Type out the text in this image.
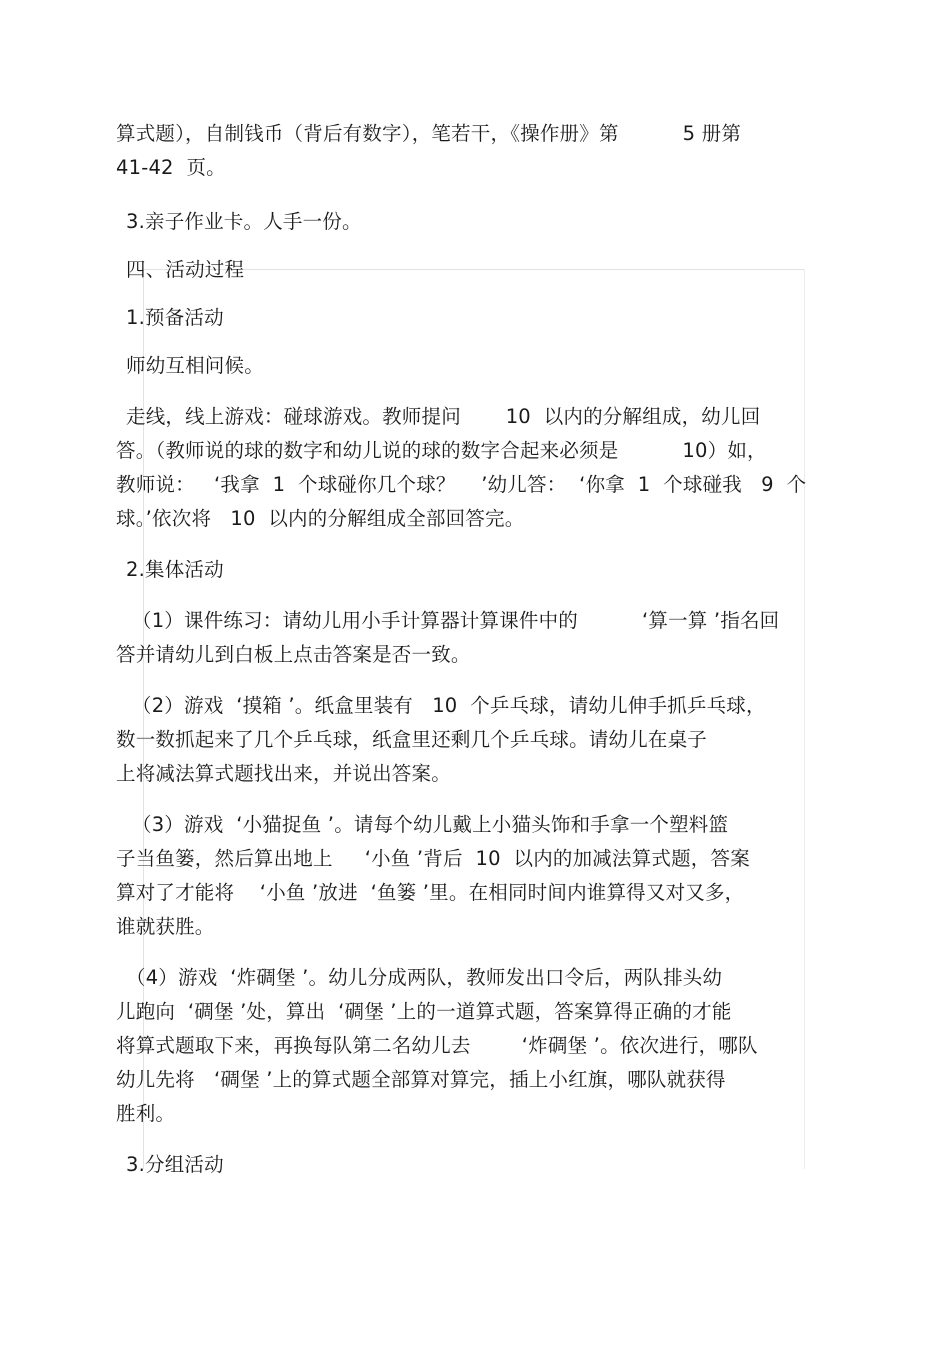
算式题），自制钱币（背后有数字），笔若干，《操作册》第          5 册第

41-42  页。

3.亲子作业卡。人手一份。

四、活动过程

1.预备活动

师幼互相问候。

走线，线上游戏：碰球游戏。教师提问       10  以内的分解组成，幼儿回

答。（教师说的球的数字和幼儿说的球的数字合起来必须是          10）如，

教师说：   ‘我拿  1  个球碰你几个球？    ’幼儿答：  ‘你拿  1  个球碰我   9  个

球。’依次将   10  以内的分解组成全部回答完。

2.集体活动

（1）课件练习：请幼儿用小手计算器计算课件中的          ‘算一算 ’指名回

答并请幼儿到白板上点击答案是否一致。

（2）游戏  ‘摸箱 ’。纸盒里装有   10  个乒乓球，请幼儿伸手抓乒乓球，

数一数抓起来了几个乒乓球，纸盒里还剩几个乒乓球。请幼儿在桌子

上将减法算式题找出来，并说出答案。

（3）游戏  ‘小猫捉鱼 ’。请每个幼儿戴上小猫头饰和手拿一个塑料篮

子当鱼篓，然后算出地上     ‘小鱼 ’背后  10  以内的加减法算式题，答案

算对了才能将    ‘小鱼 ’放进  ‘鱼篓 ’里。在相同时间内谁算得又对又多，

谁就获胜。

（4）游戏  ‘炸碉堡 ’。幼儿分成两队，教师发出口令后，两队排头幼

儿跑向  ‘碉堡 ’处，算出  ‘碉堡 ’上的一道算式题，答案算得正确的才能

将算式题取下来，再换每队第二名幼儿去        ‘炸碉堡 ’。依次进行，哪队

幼儿先将   ‘碉堡 ’上的算式题全部算对算完，插上小红旗，哪队就获得

胜利。

3.分组活动
